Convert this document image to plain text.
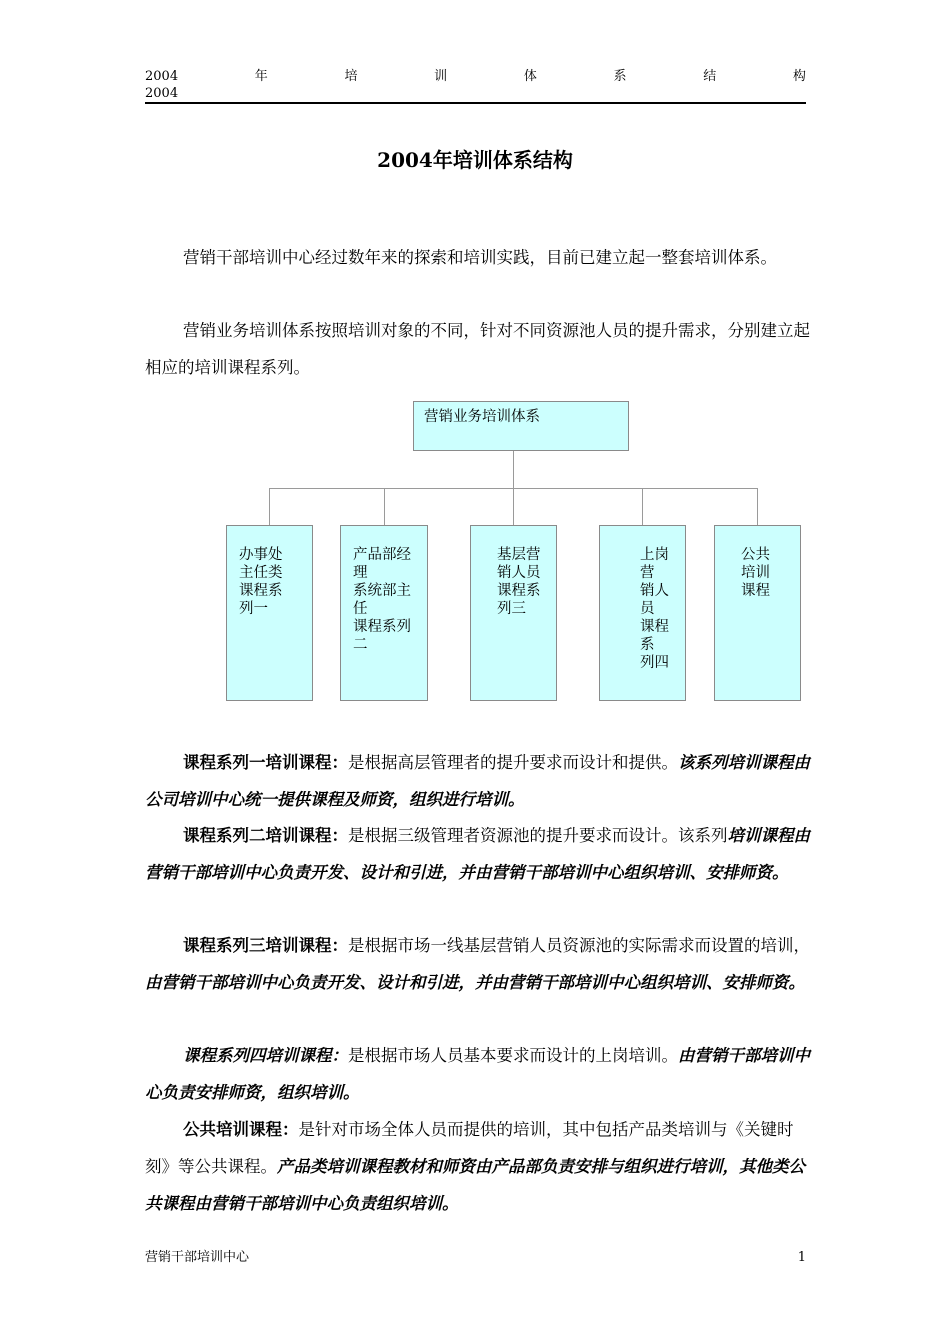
2004	年	培	训	体	系	结	构
2004
2004年培训体系结构

营销干部培训中心经过数年来的探索和培训实践，目前已建立起一整套培训体系。

营销业务培训体系按照培训对象的不同，针对不同资源池人员的提升需求，分别建立起相应的培训课程系列。

营销业务培训体系
办事处
主任类
课程系
列一
产品部经
理
系统部主
任
课程系列
二
基层营
销人员
课程系
列三
上岗营
销人员
课程系
列四
公共
培训
课程

课程系列一培训课程：是根据高层管理者的提升要求而设计和提供。该系列培训课程由公司培训中心统一提供课程及师资，组织进行培训。

课程系列二培训课程：是根据三级管理者资源池的提升要求而设计。该系列培训课程由营销干部培训中心负责开发、设计和引进，并由营销干部培训中心组织培训、安排师资。

课程系列三培训课程：是根据市场一线基层营销人员资源池的实际需求而设置的培训，由营销干部培训中心负责开发、设计和引进，并由营销干部培训中心组织培训、安排师资。

课程系列四培训课程：是根据市场人员基本要求而设计的上岗培训。由营销干部培训中心负责安排师资，组织培训。

公共培训课程：是针对市场全体人员而提供的培训，其中包括产品类培训与《关键时刻》等公共课程。产品类培训课程教材和师资由产品部负责安排与组织进行培训，其他类公共课程由营销干部培训中心负责组织培训。

营销干部培训中心	1
